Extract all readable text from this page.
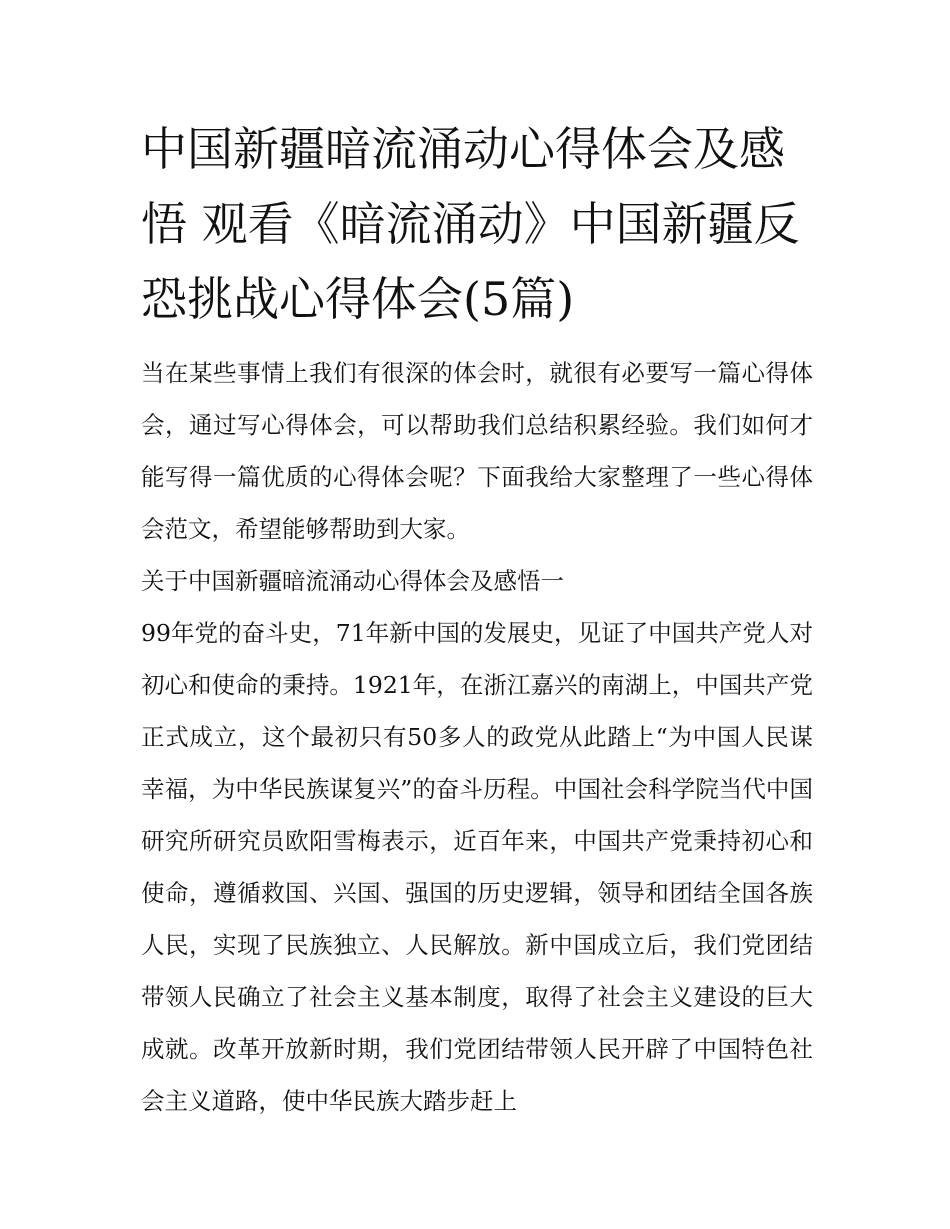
中国新疆暗流涌动心得体会及感悟 观看《暗流涌动》中国新疆反恐挑战心得体会(5篇)

当在某些事情上我们有很深的体会时，就很有必要写一篇心得体会，通过写心得体会，可以帮助我们总结积累经验。我们如何才能写得一篇优质的心得体会呢？下面我给大家整理了一些心得体会范文，希望能够帮助到大家。

关于中国新疆暗流涌动心得体会及感悟一

99年党的奋斗史，71年新中国的发展史，见证了中国共产党人对初心和使命的秉持。1921年，在浙江嘉兴的南湖上，中国共产党正式成立，这个最初只有50多人的政党从此踏上“为中国人民谋幸福，为中华民族谋复兴”的奋斗历程。中国社会科学院当代中国研究所研究员欧阳雪梅表示，近百年来，中国共产党秉持初心和使命，遵循救国、兴国、强国的历史逻辑，领导和团结全国各族人民，实现了民族独立、人民解放。新中国成立后，我们党团结带领人民确立了社会主义基本制度，取得了社会主义建设的巨大成就。改革开放新时期，我们党团结带领人民开辟了中国特色社会主义道路，使中华民族大踏步赶上
